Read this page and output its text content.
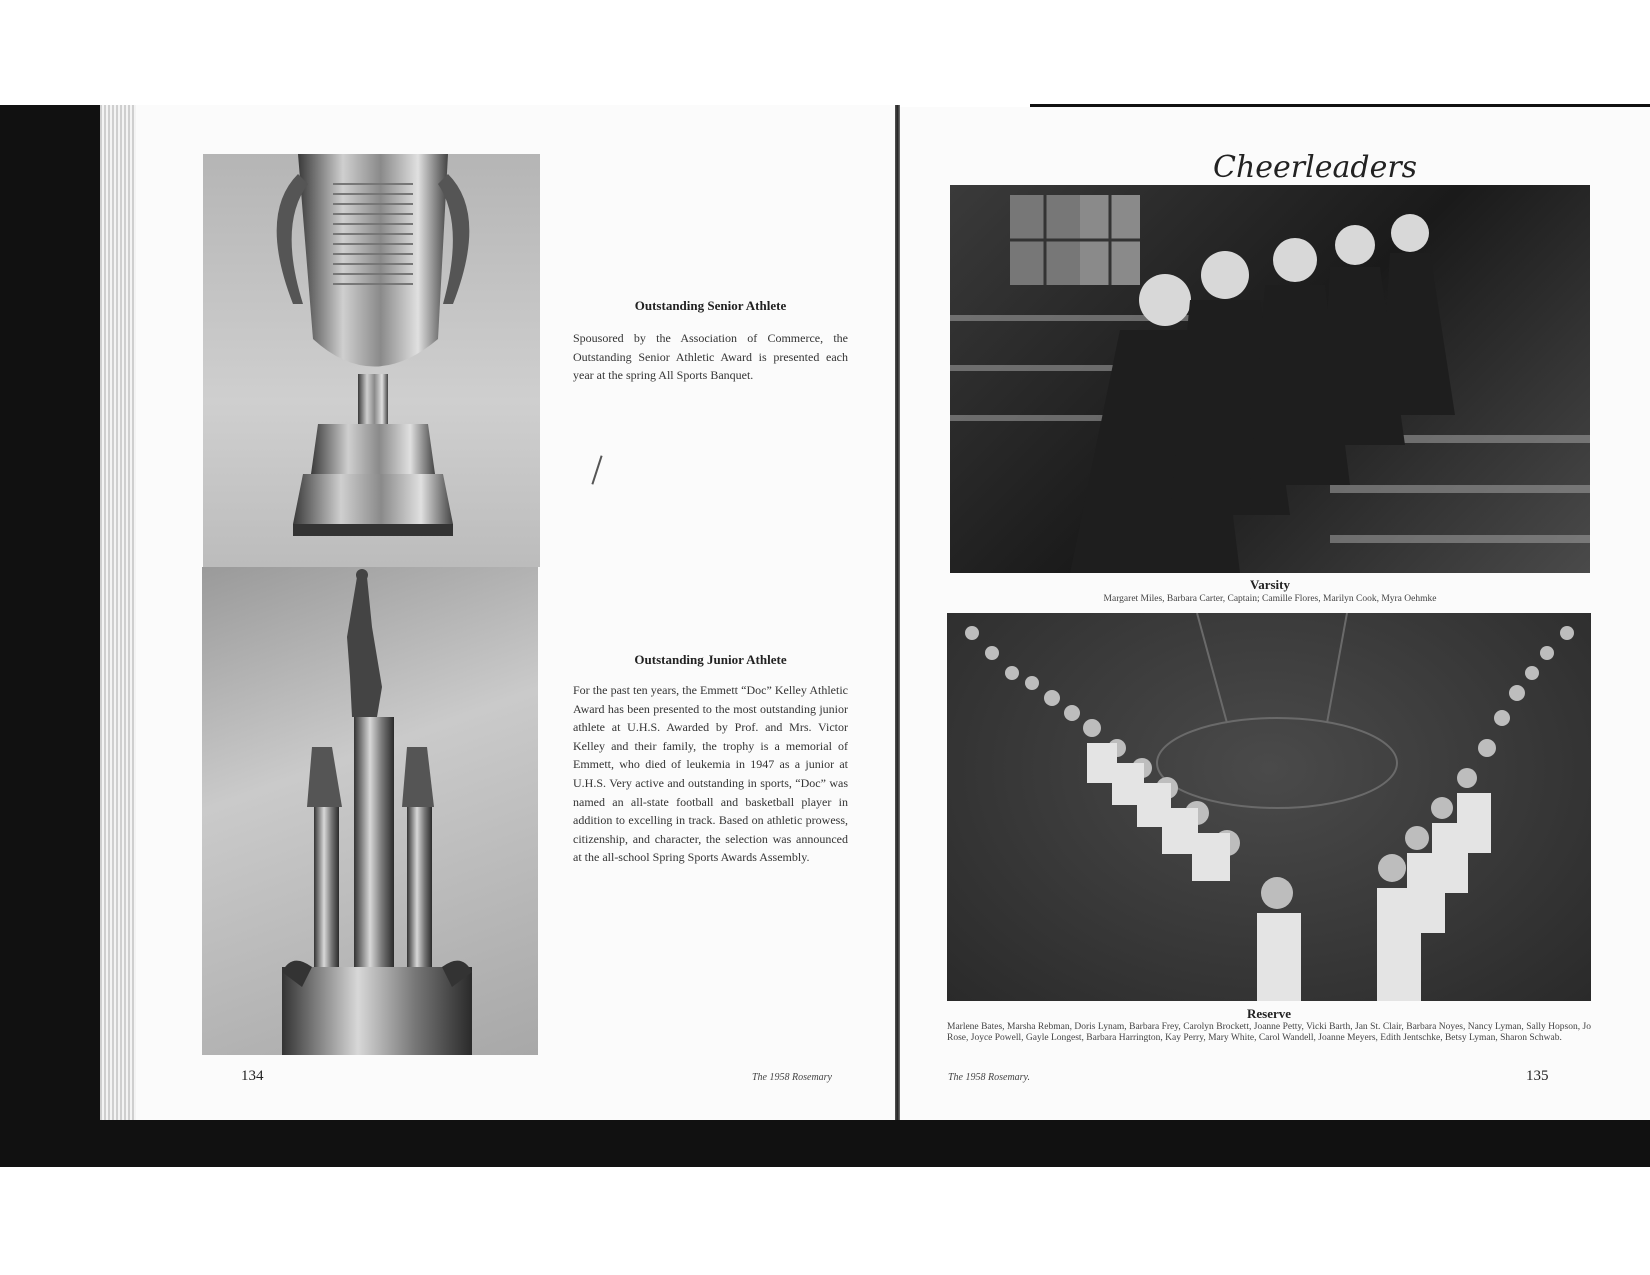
Outstanding Senior Athlete
Spousored by the Association of Commerce, the Outstanding Senior Athletic Award is presented each year at the spring All Sports Banquet.
Outstanding Junior Athlete
For the past ten years, the Emmett “Doc” Kelley Athletic Award has been presented to the most outstanding junior athlete at U.H.S. Awarded by Prof. and Mrs. Victor Kelley and their family, the trophy is a memorial of Emmett, who died of leukemia in 1947 as a junior at U.H.S. Very active and outstanding in sports, “Doc” was named an all-state football and basketball player in addition to excelling in track. Based on athletic prowess, citizenship, and character, the selection was announced at the all-school Spring Sports Awards Assembly.
134	The 1958 Rosemary
Cheerleaders
Varsity
Margaret Miles, Barbara Carter, Captain; Camille Flores, Marilyn Cook, Myra Oehmke
Reserve
Marlene Bates, Marsha Rebman, Doris Lynam, Barbara Frey, Carolyn Brockett, Joanne Petty, Vicki Barth, Jan St. Clair, Barbara Noyes, Nancy Lyman, Sally Hopson, Jo Rose, Joyce Powell, Gayle Longest, Barbara Harrington, Kay Perry, Mary White, Carol Wandell, Joanne Meyers, Edith Jentschke, Betsy Lyman, Sharon Schwab.
The 1958 Rosemary.	135
